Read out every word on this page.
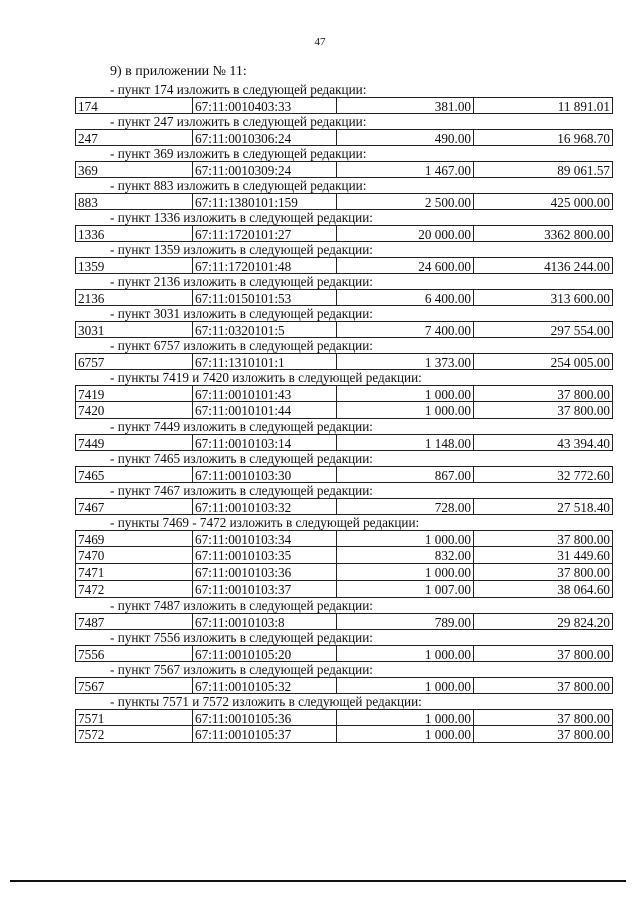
47
9) в приложении № 11:
- пункт 174 изложить в следующей редакции:
174	67:11:0010403:33	381.00	11 891.01
- пункт 247 изложить в следующей редакции:
247	67:11:0010306:24	490.00	16 968.70
- пункт 369 изложить в следующей редакции:
369	67:11:0010309:24	1 467.00	89 061.57
- пункт 883 изложить в следующей редакции:
883	67:11:1380101:159	2 500.00	425 000.00
- пункт 1336 изложить в следующей редакции:
1336	67:11:1720101:27	20 000.00	3362 800.00
- пункт 1359 изложить в следующей редакции:
1359	67:11:1720101:48	24 600.00	4136 244.00
- пункт 2136 изложить в следующей редакции:
2136	67:11:0150101:53	6 400.00	313 600.00
- пункт 3031 изложить в следующей редакции:
3031	67:11:0320101:5	7 400.00	297 554.00
- пункт 6757 изложить в следующей редакции:
6757	67:11:1310101:1	1 373.00	254 005.00
- пункты 7419 и 7420 изложить в следующей редакции:
7419	67:11:0010101:43	1 000.00	37 800.00
7420	67:11:0010101:44	1 000.00	37 800.00
- пункт 7449 изложить в следующей редакции:
7449	67:11:0010103:14	1 148.00	43 394.40
- пункт 7465 изложить в следующей редакции:
7465	67:11:0010103:30	867.00	32 772.60
- пункт 7467 изложить в следующей редакции:
7467	67:11:0010103:32	728.00	27 518.40
- пункты 7469 - 7472 изложить в следующей редакции:
7469	67:11:0010103:34	1 000.00	37 800.00
7470	67:11:0010103:35	832.00	31 449.60
7471	67:11:0010103:36	1 000.00	37 800.00
7472	67:11:0010103:37	1 007.00	38 064.60
- пункт 7487 изложить в следующей редакции:
7487	67:11:0010103:8	789.00	29 824.20
- пункт 7556 изложить в следующей редакции:
7556	67:11:0010105:20	1 000.00	37 800.00
- пункт 7567 изложить в следующей редакции:
7567	67:11:0010105:32	1 000.00	37 800.00
- пункты 7571 и 7572 изложить в следующей редакции:
7571	67:11:0010105:36	1 000.00	37 800.00
7572	67:11:0010105:37	1 000.00	37 800.00
